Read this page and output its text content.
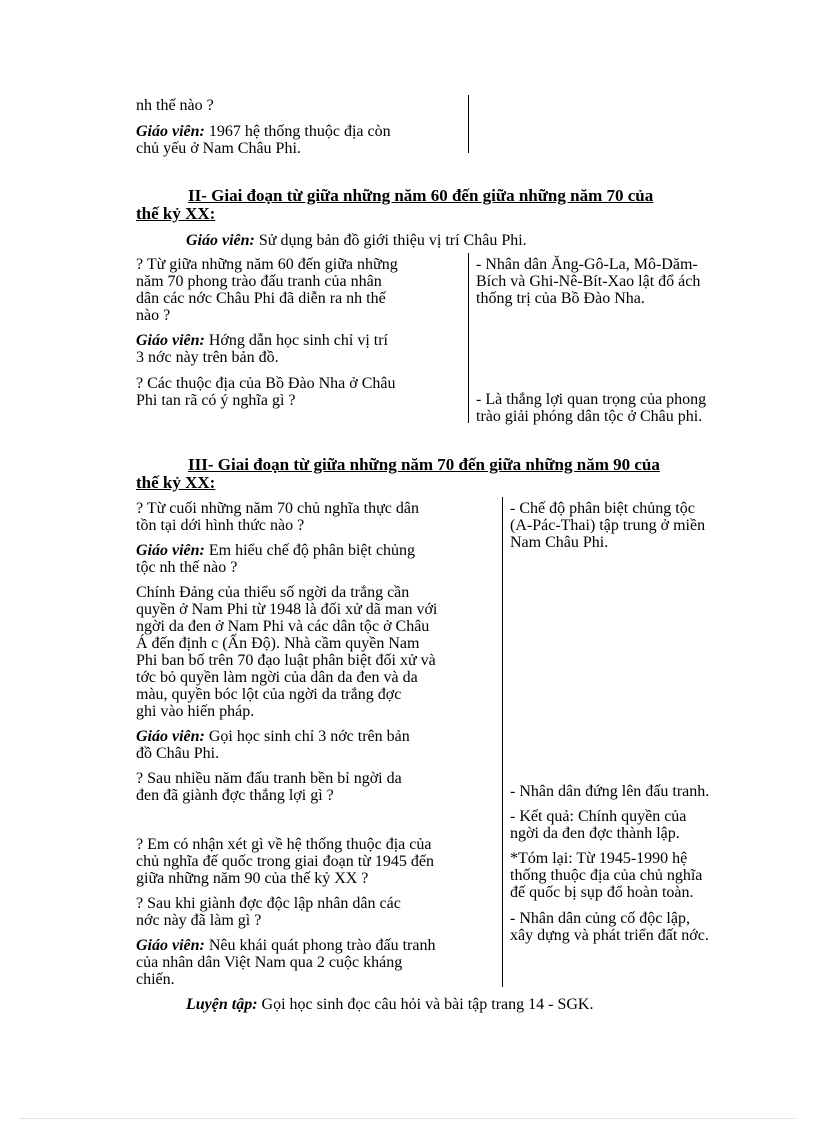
nh thế nào ?
Giáo viên: 1967 hệ thống thuộc địa còn
chủ yếu ở Nam Châu Phi.
II- Giai đoạn từ giữa những năm 60 đến giữa những năm 70 của
thế kỷ XX:
Giáo viên: Sử dụng bản đồ giới thiệu vị trí Châu Phi.
? Từ giữa những năm 60 đến giữa những
năm 70 phong trào đấu tranh của nhân
dân các nớc Châu Phi đã diễn ra nh thế
nào ?
Giáo viên: Hớng dẫn học sinh chỉ vị trí
3 nớc này trên bản đồ.
? Các thuộc địa của Bồ Đào Nha ở Châu
Phi tan rã có ý nghĩa gì ?
- Nhân dân Ăng-Gô-La, Mô-Dăm-
Bích và Ghi-Nê-Bít-Xao lật đổ ách
thống trị của Bồ Đào Nha.
- Là thắng lợi quan trọng của phong
trào giải phóng dân tộc ở Châu phi.
III- Giai đoạn từ giữa những năm 70 đến giữa những năm 90 của
thế kỷ XX:
? Từ cuối những năm 70 chủ nghĩa thực dân
tồn tại dới hình thức nào ?
Giáo viên: Em hiểu chế độ phân biệt chủng
tộc nh thế nào ?
Chính Đảng của thiểu số ngời da trắng cần
quyền ở Nam Phi từ 1948 là đối xử dã man với
ngời da đen ở Nam Phi và các dân tộc ở Châu
Á đến định c (Ấn Độ). Nhà cầm quyền Nam
Phi ban bố trên 70 đạo luật phân biệt đối xử và
tớc bỏ quyền làm ngời của dân da đen và da
màu, quyền bóc lột của ngời da trắng đợc
ghi vào hiến pháp.
Giáo viên: Gọi học sinh chỉ 3 nớc trên bản
đồ Châu Phi.
? Sau nhiều năm đấu tranh bền bỉ ngời da
đen đã giành đợc thắng lợi gì ?
? Em có nhận xét gì về hệ thống thuộc địa của
chủ nghĩa đế quốc trong giai đoạn từ 1945 đến
giữa những năm 90 của thế kỷ XX ?
? Sau khi giành đợc độc lập nhân dân các
nớc này đã làm gì ?
Giáo viên: Nêu khái quát phong trào đấu tranh
của nhân dân Việt Nam qua 2 cuộc kháng
chiến.
- Chế độ phân biệt chủng tộc
(A-Pác-Thai) tập trung ở miền
Nam Châu Phi.
- Nhân dân đứng lên đấu tranh.
- Kết quả: Chính quyền của
ngời da đen đợc thành lập.
*Tóm lại: Từ 1945-1990 hệ
thống thuộc địa của chủ nghĩa
đế quốc bị sụp đổ hoàn toàn.
- Nhân dân củng cố độc lập,
xây dựng và phát triển đất nớc.
Luyện tập: Gọi học sinh đọc câu hỏi và bài tập trang 14 - SGK.
